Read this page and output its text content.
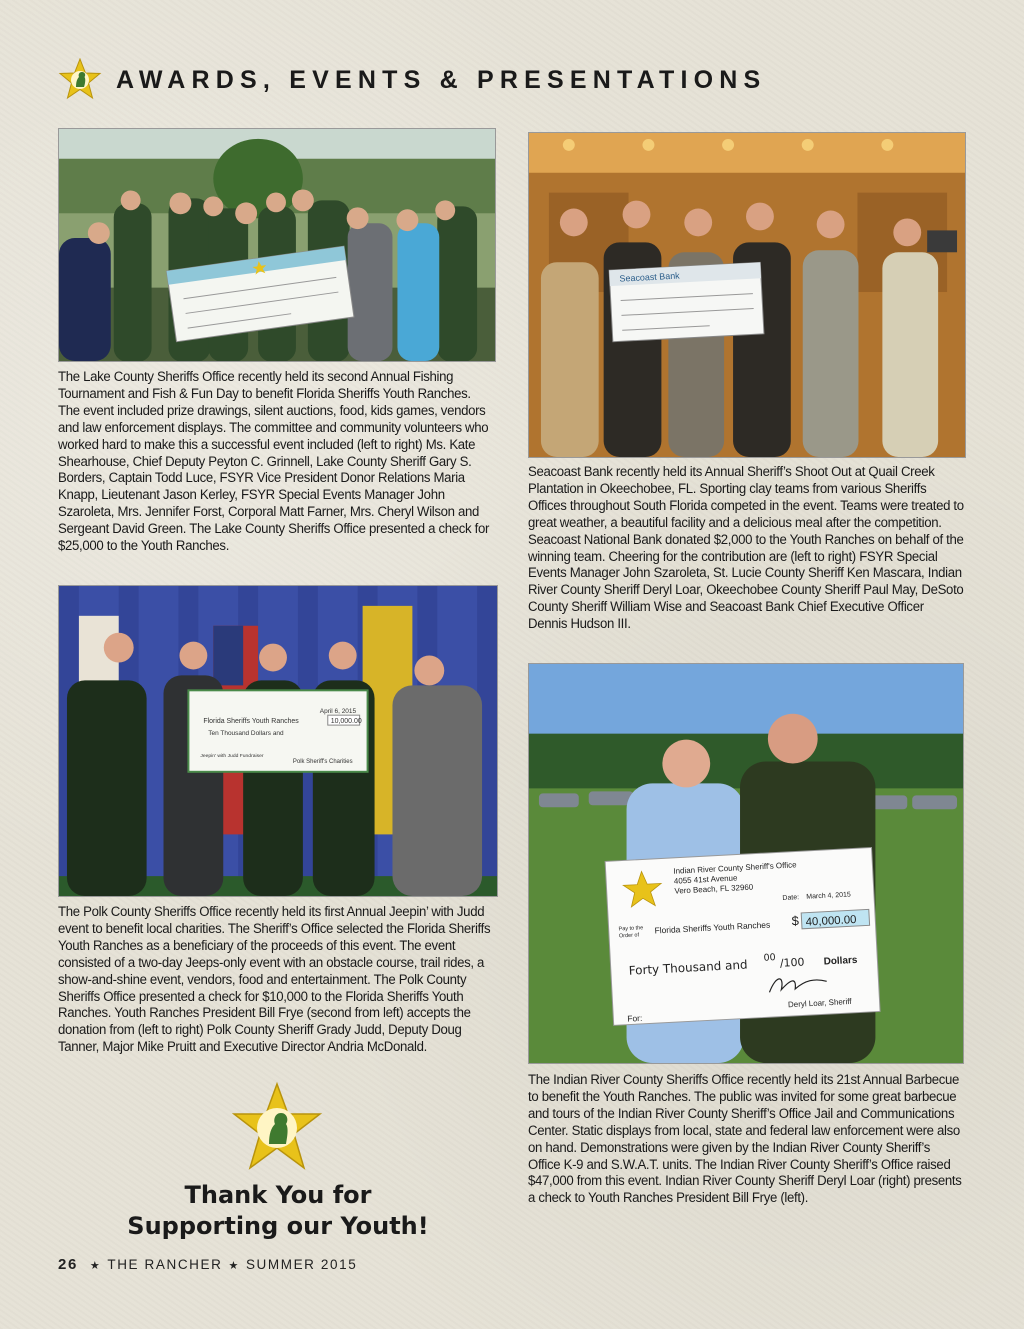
AWARDS, EVENTS & PRESENTATIONS

The Lake County Sheriffs Office recently held its second Annual Fishing Tournament and Fish & Fun Day to benefit Florida Sheriffs Youth Ranches. The event included prize drawings, silent auctions, food, kids games, vendors and law enforcement displays. The committee and community volunteers who worked hard to make this a successful event included (left to right) Ms. Kate Shearhouse, Chief Deputy Peyton C. Grinnell, Lake County Sheriff Gary S. Borders, Captain Todd Luce, FSYR Vice President Donor Relations Maria Knapp, Lieutenant Jason Kerley, FSYR Special Events Manager John Szaroleta, Mrs. Jennifer Forst, Corporal Matt Farner, Mrs. Cheryl Wilson and Sergeant David Green. The Lake County Sheriffs Office presented a check for $25,000 to the Youth Ranches.

Seacoast Bank

Seacoast Bank recently held its Annual Sheriff’s Shoot Out at Quail Creek Plantation in Okeechobee, FL. Sporting clay teams from various Sheriffs Offices throughout South Florida competed in the event. Teams were treated to great weather, a beautiful facility and a delicious meal after the competition. Seacoast National Bank donated $2,000 to the Youth Ranches on behalf of the winning team. Cheering for the contribution are (left to right) FSYR Special Events Manager John Szaroleta, St. Lucie County Sheriff Ken Mascara, Indian River County Sheriff Deryl Loar, Okeechobee County Sheriff Paul May, DeSoto County Sheriff William Wise and Seacoast Bank Chief Executive Officer Dennis Hudson III.

April 6, 2015
Florida Sheriffs Youth Ranches	10,000.00
Ten Thousand Dollars and
Jeepin' with Judd Fundraiser
Polk Sheriff's Charities

The Polk County Sheriffs Office recently held its first Annual Jeepin’ with Judd event to benefit local charities. The Sheriff’s Office selected the Florida Sheriffs Youth Ranches as a beneficiary of the proceeds of this event. The event consisted of a two-day Jeeps-only event with an obstacle course, trail rides, a show-and-shine event, vendors, food and entertainment. The Polk County Sheriffs Office presented a check for $10,000 to the Florida Sheriffs Youth Ranches. Youth Ranches President Bill Frye (second from left) accepts the donation from (left to right) Polk County Sheriff Grady Judd, Deputy Doug Tanner, Major Mike Pruitt and Executive Director Andria McDonald.

Indian River County Sheriff's Office
4055 41st Avenue
Vero Beach, FL 32960
Date: March 4, 2015
Pay to the
Order of
Florida Sheriffs Youth Ranches $ 40,000.00
Forty Thousand and 00 /100 Dollars
For:
Deryl Loar, Sheriff

The Indian River County Sheriffs Office recently held its 21st Annual Barbecue to benefit the Youth Ranches. The public was invited for some great barbecue and tours of the Indian River County Sheriff’s Office Jail and Communications Center. Static displays from local, state and federal law enforcement were also on hand. Demonstrations were given by the Indian River County Sheriff’s Office K-9 and S.W.A.T. units. The Indian River County Sheriff’s Office raised $47,000 from this event. Indian River County Sheriff Deryl Loar (right) presents a check to Youth Ranches President Bill Frye (left).

Thank You for
Supporting our Youth!
26 ★ THE RANCHER ★ SUMMER 2015
